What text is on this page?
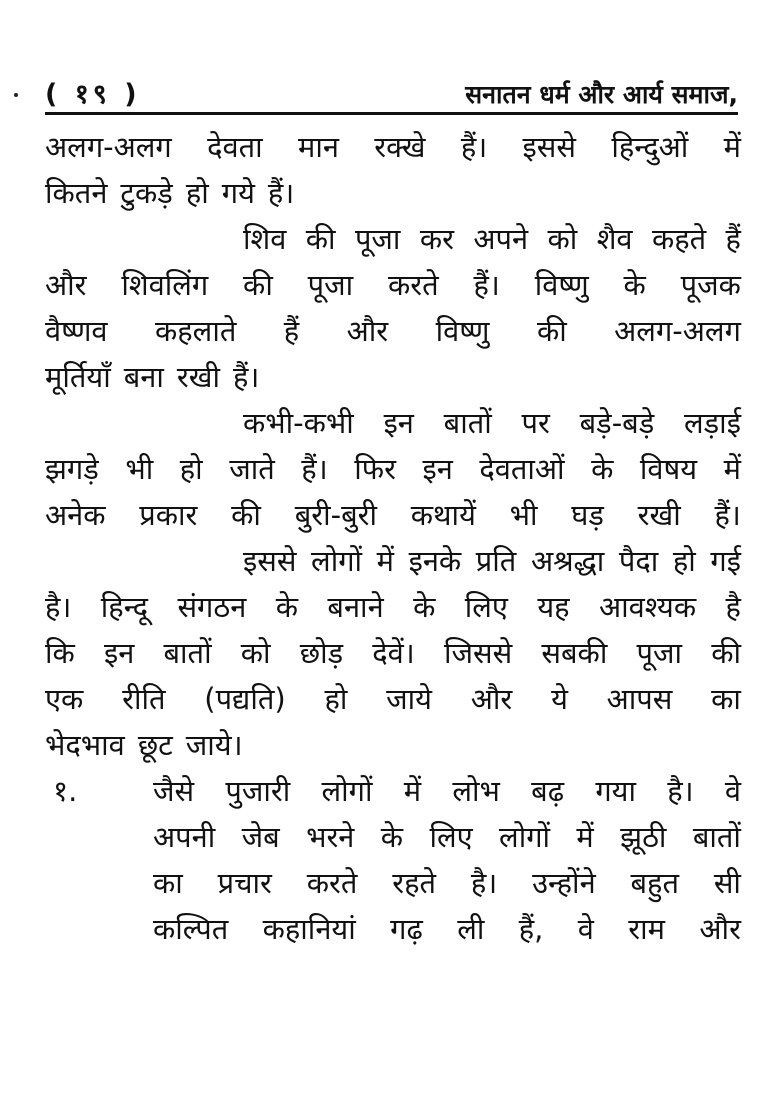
( १९ )	सनातन धर्म और आर्य समाज,
अलग-अलग देवता मान रक्खे हैं। इससे हिन्दुओं में
कितने टुकड़े हो गये हैं।
शिव की पूजा कर अपने को शैव कहते हैं
और शिवलिंग की पूजा करते हैं। विष्णु के पूजक
वैष्णव कहलाते हैं और विष्णु की अलग-अलग
मूर्तियाँ बना रखी हैं।
कभी-कभी इन बातों पर बड़े-बड़े लड़ाई
झगड़े भी हो जाते हैं। फिर इन देवताओं के विषय में
अनेक प्रकार की बुरी-बुरी कथायें भी घड़ रखी हैं।
इससे लोगों में इनके प्रति अश्रद्धा पैदा हो गई
है। हिन्दू संगठन के बनाने के लिए यह आवश्यक है
कि इन बातों को छोड़ देवें। जिससे सबकी पूजा की
एक रीति (पद्यति) हो जाये और ये आपस का
भेदभाव छूट जाये।
१.	जैसे पुजारी लोगों में लोभ बढ़ गया है। वे
अपनी जेब भरने के लिए लोगों में झूठी बातों
का प्रचार करते रहते है। उन्होंने बहुत सी
कल्पित कहानियां गढ़ ली हैं, वे राम और
